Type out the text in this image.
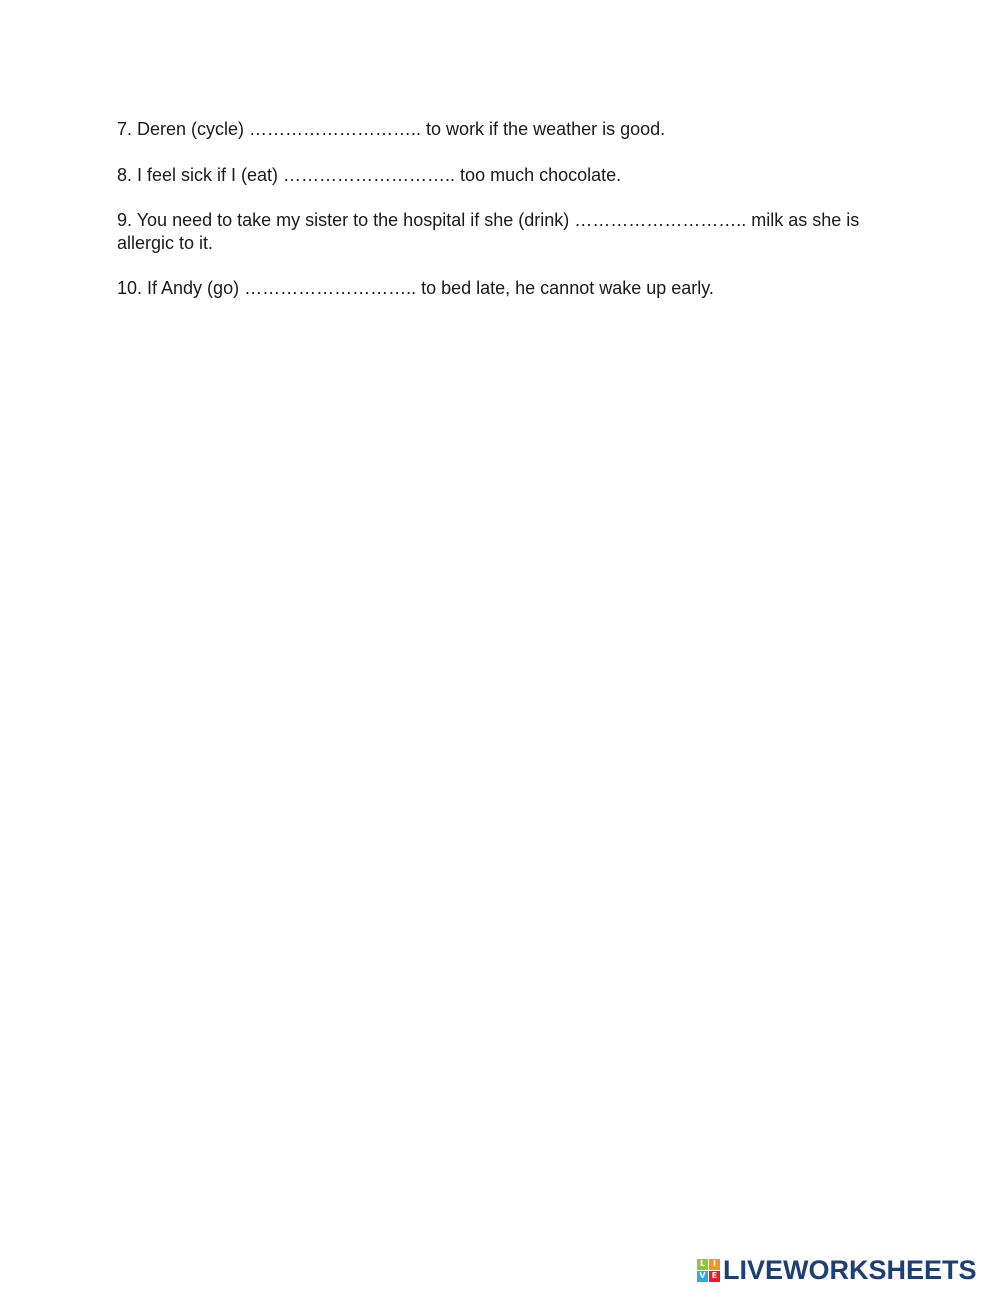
7. Deren (cycle) ……………………….. to work if the weather is good.
8. I feel sick if I (eat) ……………………….. too much chocolate.
9. You need to take my sister to the hospital if she (drink) ……………………….. milk as she is allergic to it.
10. If Andy (go) ……………………….. to bed late, he cannot wake up early.
L I
V E LIVEWORKSHEETS
